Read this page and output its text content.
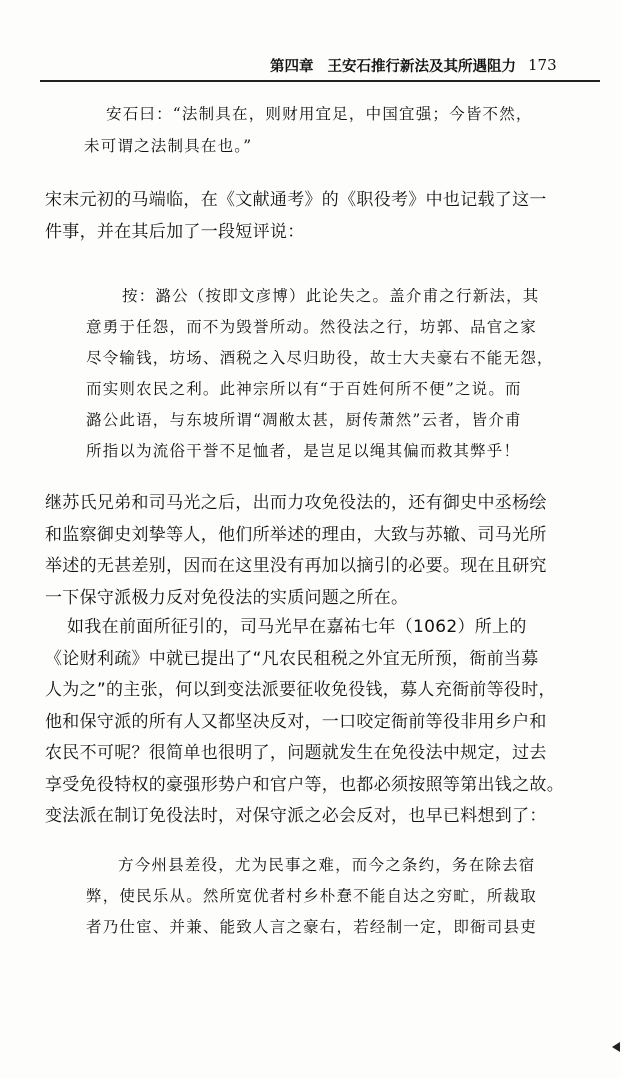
第四章 王安石推行新法及其所遇阻力 173
安石曰：“法制具在，则财用宜足，中国宜强；今皆不然，
未可谓之法制具在也。”
宋末元初的马端临，在《文献通考》的《职役考》中也记载了这一
件事，并在其后加了一段短评说：
按：潞公（按即文彦博）此论失之。盖介甫之行新法，其
意勇于任怨，而不为毁誉所动。然役法之行，坊郭、品官之家
尽令输钱，坊场、酒税之入尽归助役，故士大夫豪右不能无怨，
而实则农民之利。此神宗所以有“于百姓何所不便”之说。而
潞公此语，与东坡所谓“凋敝太甚，厨传萧然”云者，皆介甫
所指以为流俗干誉不足恤者，是岂足以绳其偏而救其弊乎！
继苏氏兄弟和司马光之后，出而力攻免役法的，还有御史中丞杨绘
和监察御史刘挚等人，他们所举述的理由，大致与苏辙、司马光所
举述的无甚差别，因而在这里没有再加以摘引的必要。现在且研究
一下保守派极力反对免役法的实质问题之所在。
如我在前面所征引的，司马光早在嘉祐七年（1062）所上的
《论财利疏》中就已提出了“凡农民租税之外宜无所预，衙前当募
人为之”的主张，何以到变法派要征收免役钱，募人充衙前等役时，
他和保守派的所有人又都坚决反对，一口咬定衙前等役非用乡户和
农民不可呢？很简单也很明了，问题就发生在免役法中规定，过去
享受免役特权的豪强形势户和官户等，也都必须按照等第出钱之故。
变法派在制订免役法时，对保守派之必会反对，也早已料想到了：
方今州县差役，尤为民事之难，而今之条约，务在除去宿
弊，使民乐从。然所宽优者村乡朴惷不能自达之穷甿，所裁取
者乃仕宦、并兼、能致人言之豪右，若经制一定，即衙司县吏
